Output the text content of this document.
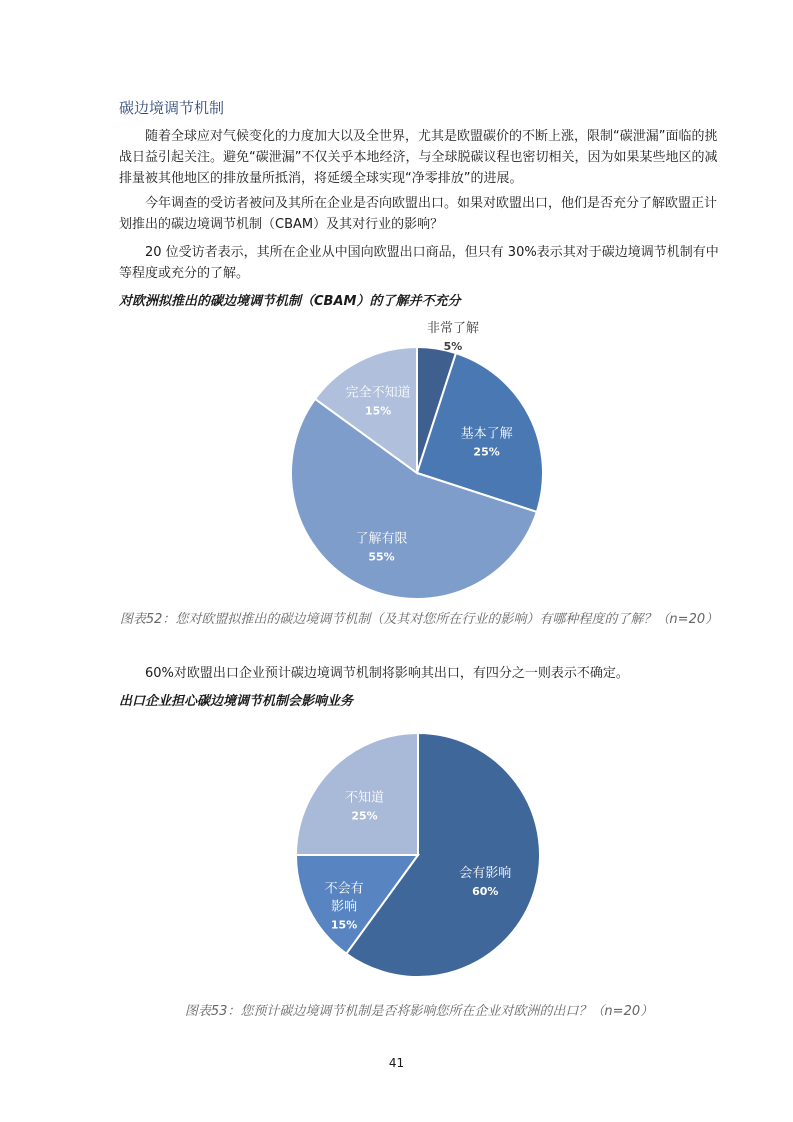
碳边境调节机制

随着全球应对气候变化的力度加大以及全世界，尤其是欧盟碳价的不断上涨，限制“碳泄漏”面临的挑战日益引起关注。避免“碳泄漏”不仅关乎本地经济，与全球脱碳议程也密切相关，因为如果某些地区的减排量被其他地区的排放量所抵消，将延缓全球实现“净零排放”的进展。

今年调查的受访者被问及其所在企业是否向欧盟出口。如果对欧盟出口，他们是否充分了解欧盟正计划推出的碳边境调节机制（CBAM）及其对行业的影响？

20 位受访者表示，其所在企业从中国向欧盟出口商品，但只有 30%表示其对于碳边境调节机制有中等程度或充分的了解。

对欧洲拟推出的碳边境调节机制（CBAM）的了解并不充分

非常了解
5%
基本了解
25%
了解有限
55%
完全不知道
15%

图表52：您对欧盟拟推出的碳边境调节机制（及其对您所在行业的影响）有哪种程度的了解？（n=20）

60%对欧盟出口企业预计碳边境调节机制将影响其出口，有四分之一则表示不确定。

出口企业担心碳边境调节机制会影响业务

会有影响
60%
不会有
影响
15%
不知道
25%

图表53：您预计碳边境调节机制是否将影响您所在企业对欧洲的出口？（n=20）

41
